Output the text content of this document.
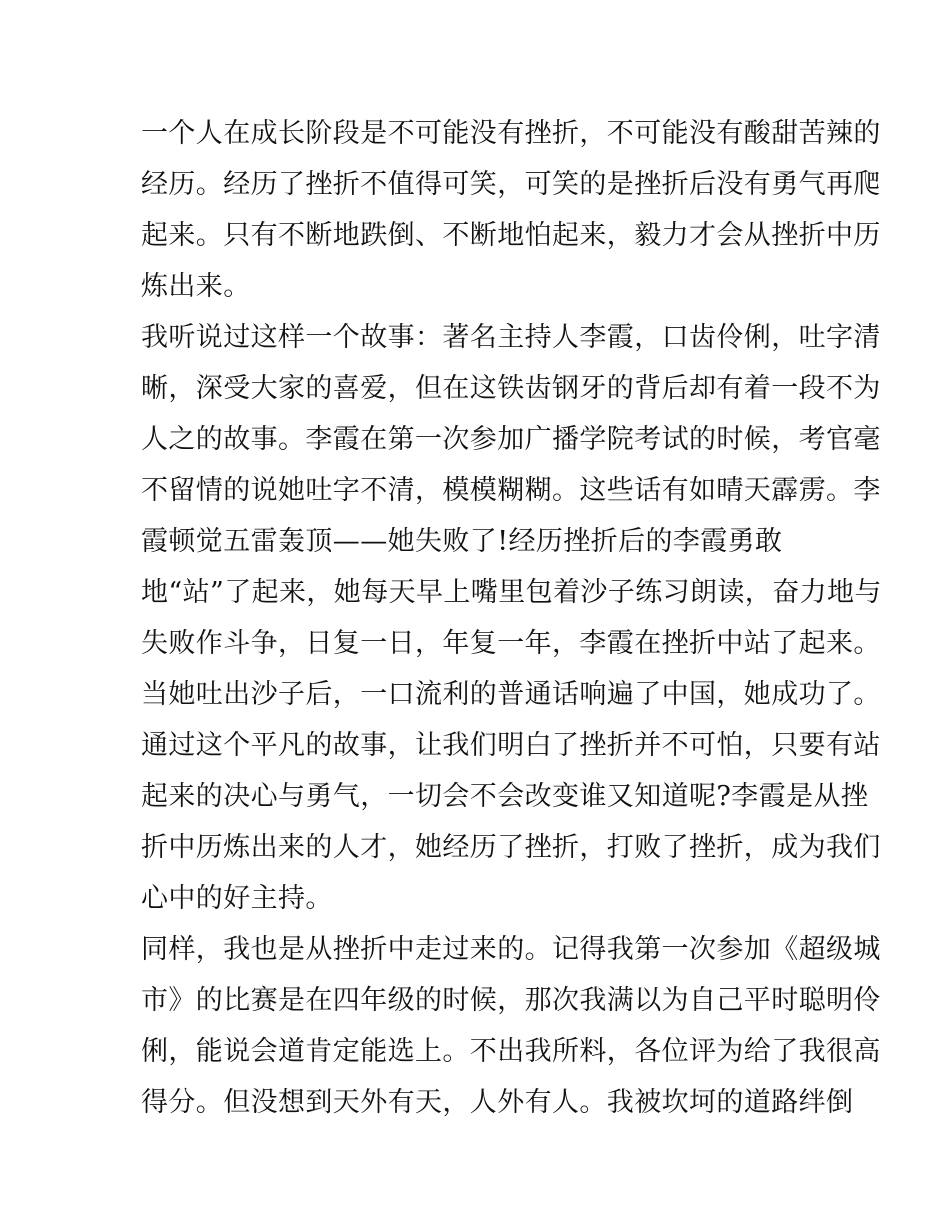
一个人在成长阶段是不可能没有挫折，不可能没有酸甜苦辣的
经历。经历了挫折不值得可笑，可笑的是挫折后没有勇气再爬
起来。只有不断地跌倒、不断地怕起来，毅力才会从挫折中历
炼出来。
我听说过这样一个故事：著名主持人李霞，口齿伶俐，吐字清
晰，深受大家的喜爱，但在这铁齿钢牙的背后却有着一段不为
人之的故事。李霞在第一次参加广播学院考试的时候，考官毫
不留情的说她吐字不清，模模糊糊。这些话有如晴天霹雳。李
霞顿觉五雷轰顶——她失败了!经历挫折后的李霞勇敢
地“站”了起来，她每天早上嘴里包着沙子练习朗读，奋力地与
失败作斗争，日复一日，年复一年，李霞在挫折中站了起来。
当她吐出沙子后，一口流利的普通话响遍了中国，她成功了。
通过这个平凡的故事，让我们明白了挫折并不可怕，只要有站
起来的决心与勇气，一切会不会改变谁又知道呢?李霞是从挫
折中历炼出来的人才，她经历了挫折，打败了挫折，成为我们
心中的好主持。
同样，我也是从挫折中走过来的。记得我第一次参加《超级城
市》的比赛是在四年级的时候，那次我满以为自己平时聪明伶
俐，能说会道肯定能选上。不出我所料，各位评为给了我很高
得分。但没想到天外有天，人外有人。我被坎坷的道路绊倒
